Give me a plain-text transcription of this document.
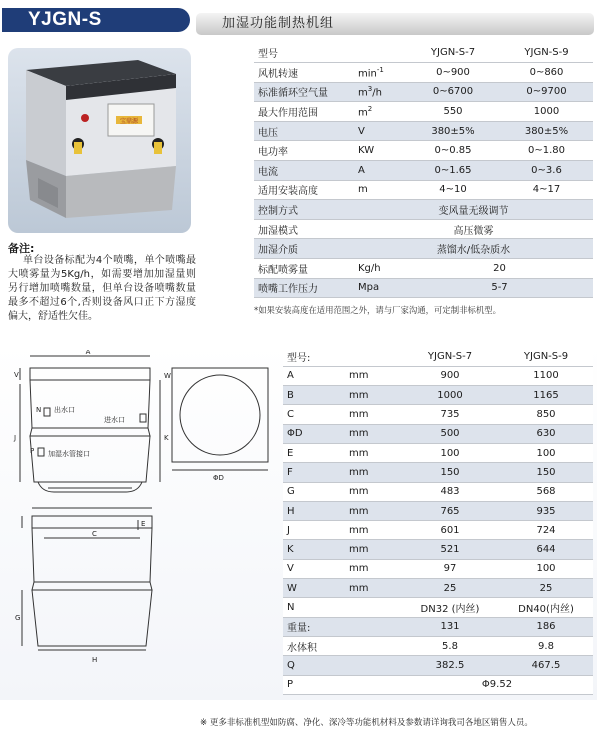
YJGN-S	加湿功能制热机组
宝鼎源
备注:
单台设备标配为4个喷嘴，单个喷嘴最大喷雾量为5Kg/h，如需要增加加湿量则另行增加喷嘴数量，但单台设备喷嘴数量最多不超过6个,否则设备风口正下方湿度偏大，舒适性欠佳。
型号		YJGN-S-7	YJGN-S-9
风机转速	$\min^{-1}$	0~900	0~860
标准循环空气量	$m^3/h$	0~6700	0~9700
最大作用范围	$m^2$	550	1000
电压	V	380±5%	380±5%
电功率	KW	0~0.85	0~1.80
电流	A	0~1.65	0~3.6
适用安装高度	m	4~10	4~17
控制方式	变风量无级调节		
加湿模式	高压微雾		
加湿介质	蒸馏水/低杂质水		
标配喷雾量	Kg/h	20	
喷嘴工作压力	Mpa	5-7	
*如果安装高度在适用范围之外，请与厂家沟通，可定制非标机型。
A
V
J	K
W
N 出水口
进水口
P 加湿水管接口
ΦD
C
E
G
H
型号:		YJGN-S-7	YJGN-S-9
A	mm	900	1100
B	mm	1000	1165
C	mm	735	850
ΦD	mm	500	630
E	mm	100	100
F	mm	150	150
G	mm	483	568
H	mm	765	935
J	mm	601	724
K	mm	521	644
V	mm	97	100
W	mm	25	25
N		DN32 (内丝)	DN40(内丝)
重量:		131	186
水体积		5.8	9.8
Q		382.5	467.5
P		Φ9.52	
※ 更多非标准机型如防腐、净化、深冷等功能机材料及参数请详询我司各地区销售人员。
